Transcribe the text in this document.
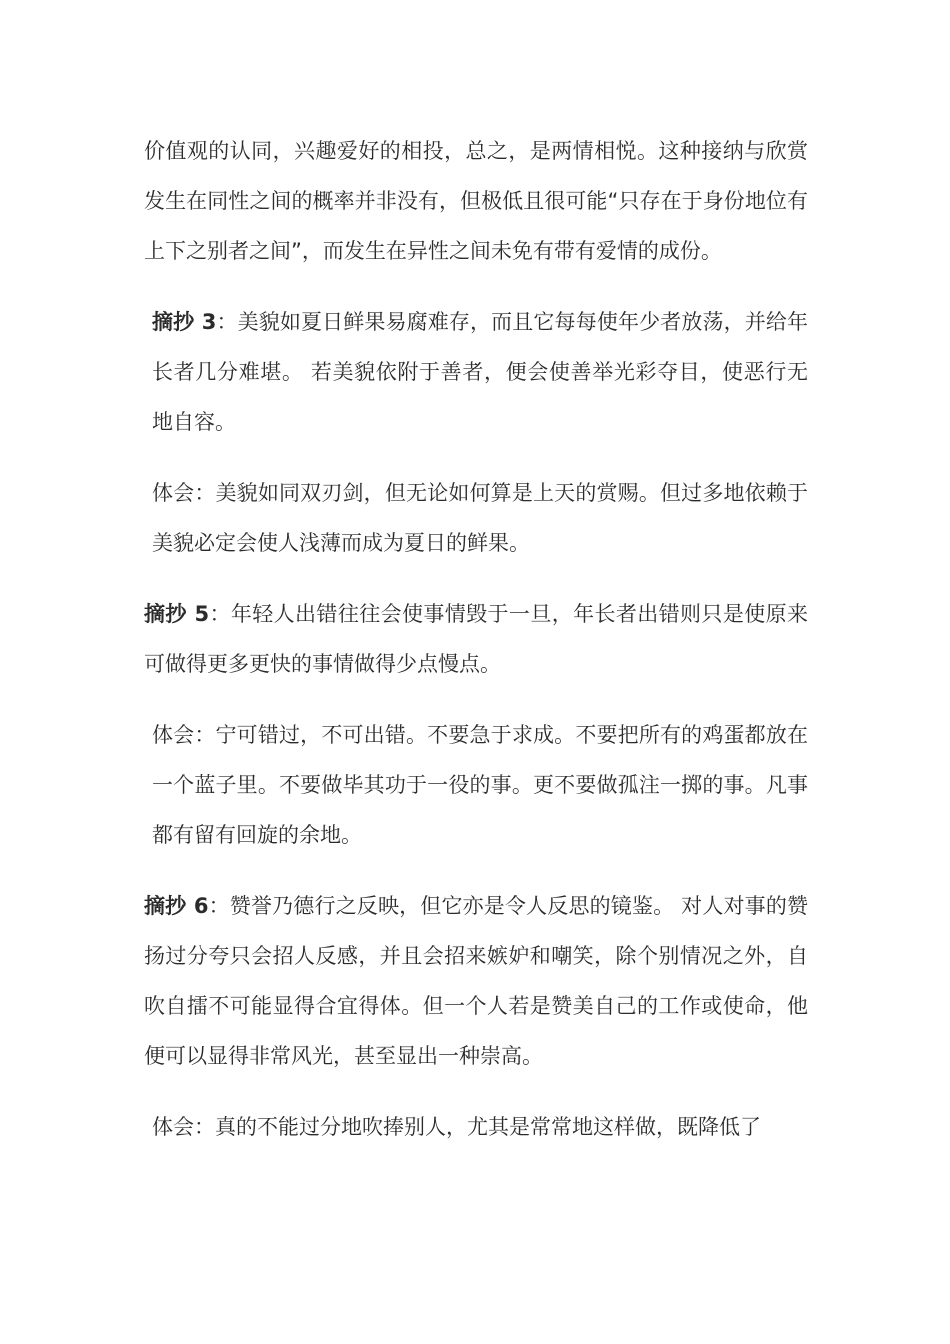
价值观的认同，兴趣爱好的相投，总之，是两情相悦。这种接纳与欣赏发生在同性之间的概率并非没有，但极低且很可能“只存在于身份地位有上下之别者之间”，而发生在异性之间未免有带有爱情的成份。

摘抄 3：美貌如夏日鲜果易腐难存，而且它每每使年少者放荡，并给年长者几分难堪。 若美貌依附于善者，便会使善举光彩夺目，使恶行无地自容。

体会：美貌如同双刃剑，但无论如何算是上天的赏赐。但过多地依赖于美貌必定会使人浅薄而成为夏日的鲜果。

摘抄 5：年轻人出错往往会使事情毁于一旦，年长者出错则只是使原来可做得更多更快的事情做得少点慢点。

体会：宁可错过，不可出错。不要急于求成。不要把所有的鸡蛋都放在一个蓝子里。不要做毕其功于一役的事。更不要做孤注一掷的事。凡事都有留有回旋的余地。

摘抄 6：赞誉乃德行之反映，但它亦是令人反思的镜鉴。 对人对事的赞扬过分夸只会招人反感，并且会招来嫉妒和嘲笑，除个别情况之外，自吹自擂不可能显得合宜得体。但一个人若是赞美自己的工作或使命，他便可以显得非常风光，甚至显出一种崇高。

体会：真的不能过分地吹捧别人，尤其是常常地这样做，既降低了
